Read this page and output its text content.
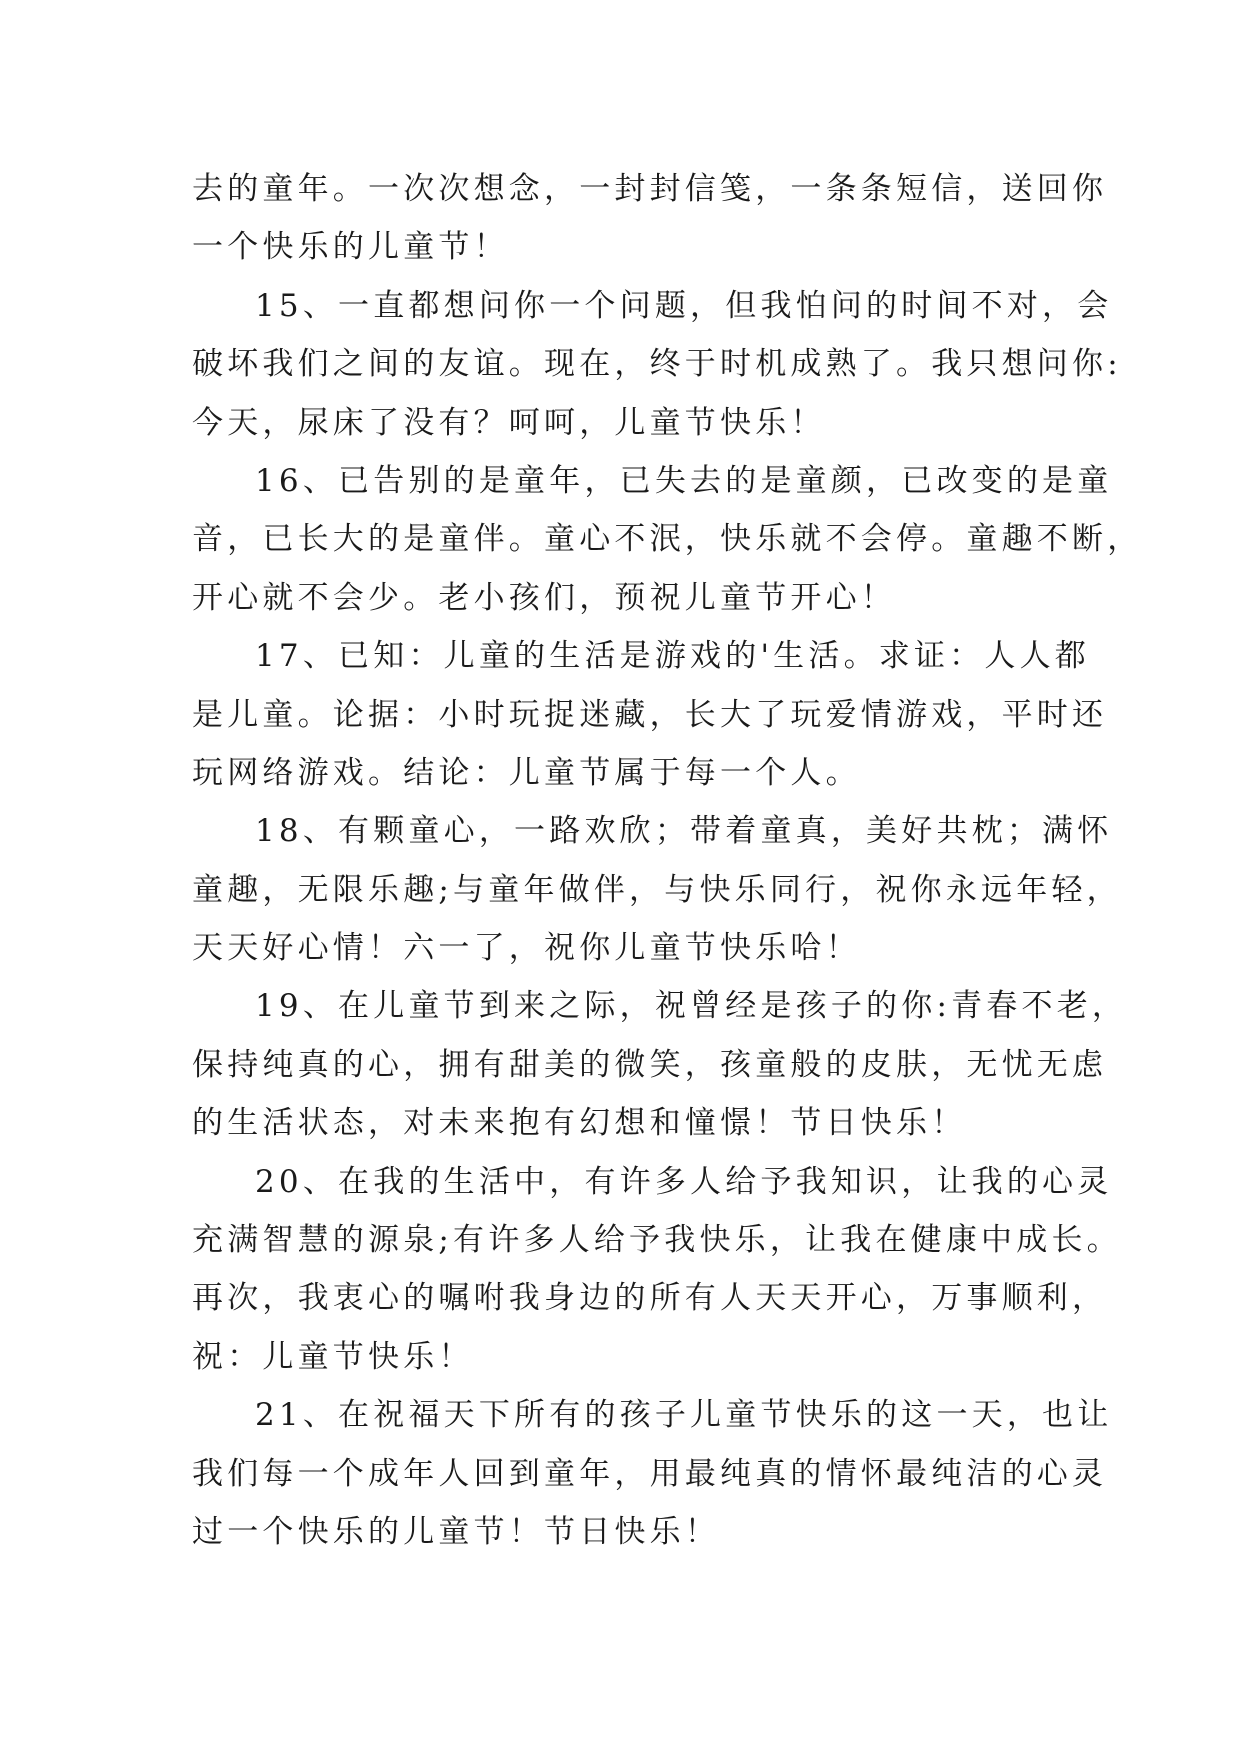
去的童年。一次次想念，一封封信笺，一条条短信，送回你
一个快乐的儿童节！
15、一直都想问你一个问题，但我怕问的时间不对，会
破坏我们之间的友谊。现在，终于时机成熟了。我只想问你:
今天，尿床了没有？呵呵，儿童节快乐！
16、已告别的是童年，已失去的是童颜，已改变的是童
音，已长大的是童伴。童心不泯，快乐就不会停。童趣不断，
开心就不会少。老小孩们，预祝儿童节开心！
17、已知：儿童的生活是游戏的'生活。求证：人人都
是儿童。论据：小时玩捉迷藏，长大了玩爱情游戏，平时还
玩网络游戏。结论：儿童节属于每一个人。
18、有颗童心，一路欢欣；带着童真，美好共枕；满怀
童趣，无限乐趣;与童年做伴，与快乐同行，祝你永远年轻，
天天好心情！六一了，祝你儿童节快乐哈！
19、在儿童节到来之际，祝曾经是孩子的你:青春不老，
保持纯真的心，拥有甜美的微笑，孩童般的皮肤，无忧无虑
的生活状态，对未来抱有幻想和憧憬！节日快乐！
20、在我的生活中，有许多人给予我知识，让我的心灵
充满智慧的源泉;有许多人给予我快乐，让我在健康中成长。
再次，我衷心的嘱咐我身边的所有人天天开心，万事顺利，
祝：儿童节快乐！
21、在祝福天下所有的孩子儿童节快乐的这一天，也让
我们每一个成年人回到童年，用最纯真的情怀最纯洁的心灵
过一个快乐的儿童节！节日快乐！
